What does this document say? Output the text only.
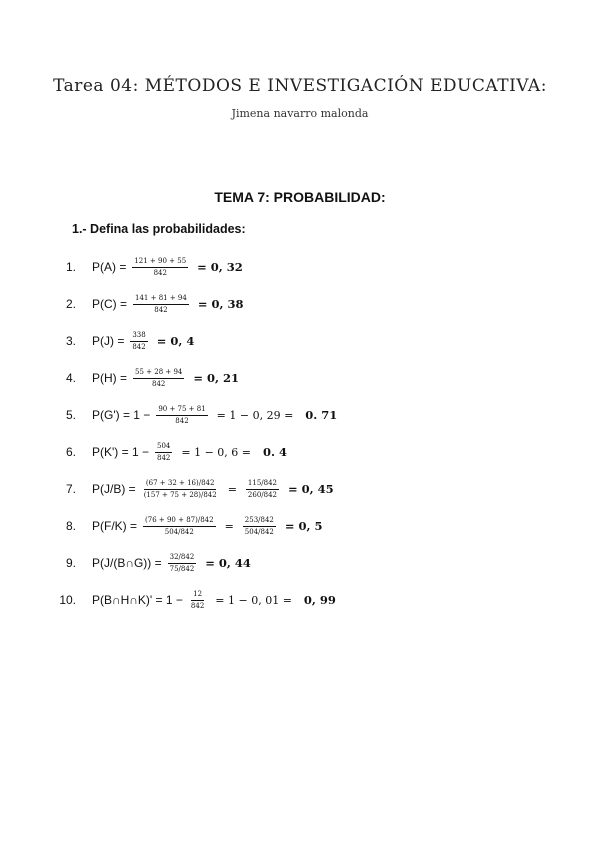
Tarea 04: MÉTODOS E INVESTIGACIÓN EDUCATIVA:
Jimena navarro malonda
TEMA 7: PROBABILIDAD:
1.- Defina las probabilidades:
1.	$P(A) = \frac{121 + 90 + 55}{842} = 0$, 32
2.	$P(C) = \frac{141 + 81 + 94}{842} = 0$, 38
3.	$P(J) = \frac{338}{842} = 0$, 4
4.	$P(H) = \frac{55 + 28 + 94}{842} = 0$, 21
5.	$P(G') = 1 - \frac{90 + 75 + 81}{842} = 1 - 0$, 29 = 0. 71
6.	$P(K') = 1 - \frac{504}{842} = 1 - 0$, 6 = 0. 4
7.	$P(J/B) = \frac{(67 + 32 + 16)/842}{(157 + 75 + 28)/842} = \frac{115/842}{260/842} = 0$, 45
8.	$P(F/K) = \frac{(76 + 90 + 87)/842}{504/842} = \frac{253/842}{504/842} = 0$, 5
9.	P(J/(B∩G)) = $\frac{32/842}{75/842} = 0$, 44
10.	P(B∩H∩K)' = $1 - \frac{12}{842} = 1 - 0$, 01 = 0, 99
